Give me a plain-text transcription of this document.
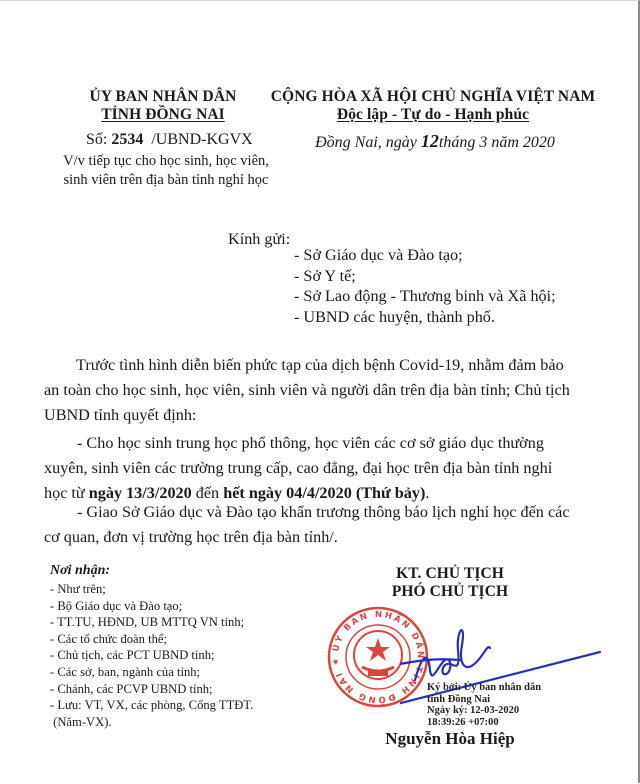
ỦY BAN NHÂN DÂN
TỈNH ĐỒNG NAI
Số: 2534 /UBND-KGVX
V/v tiếp tục cho học sinh, học viên,
sinh viên trên địa bàn tỉnh nghỉ học
CỘNG HÒA XÃ HỘI CHỦ NGHĨA VIỆT NAM
Độc lập - Tự do - Hạnh phúc
Đồng Nai, ngày 12tháng 3 năm 2020
Kính gửi:
- Sở Giáo dục và Đào tạo;
- Sở Y tế;
- Sở Lao động - Thương binh và Xã hội;
- UBND các huyện, thành phố.
Trước tình hình diễn biến phức tạp của dịch bệnh Covid-19, nhằm đảm bảo
an toàn cho học sinh, học viên, sinh viên và người dân trên địa bàn tỉnh; Chủ tịch
UBND tỉnh quyết định:
- Cho học sinh trung học phổ thông, học viên các cơ sở giáo dục thường
xuyên, sinh viên các trường trung cấp, cao đẳng, đại học trên địa bàn tỉnh nghỉ
học từ ngày 13/3/2020 đến hết ngày 04/4/2020 (Thứ bảy).
- Giao Sở Giáo dục và Đào tạo khẩn trương thông báo lịch nghỉ học đến các
cơ quan, đơn vị trường học trên địa bàn tỉnh/.
Nơi nhận:
- Như trên;
- Bộ Giáo dục và Đào tạo;
- TT.TU, HĐND, UB MTTQ VN tỉnh;
- Các tổ chức đoàn thể;
- Chủ tịch, các PCT UBND tỉnh;
- Các sở, ban, ngành của tỉnh;
- Chánh, các PCVP UBND tỉnh;
- Lưu: VT, VX, các phòng, Cổng TTĐT.
(Năm-VX).
KT. CHỦ TỊCH
PHÓ CHỦ TỊCH
ỦY BAN NHÂN DÂN TỈNH ĐỒNG NAI ★
Ký bởi: Ủy ban nhân dân
tỉnh Đồng Nai
Ngày ký: 12-03-2020
18:39:26 +07:00
Nguyễn Hòa Hiệp
